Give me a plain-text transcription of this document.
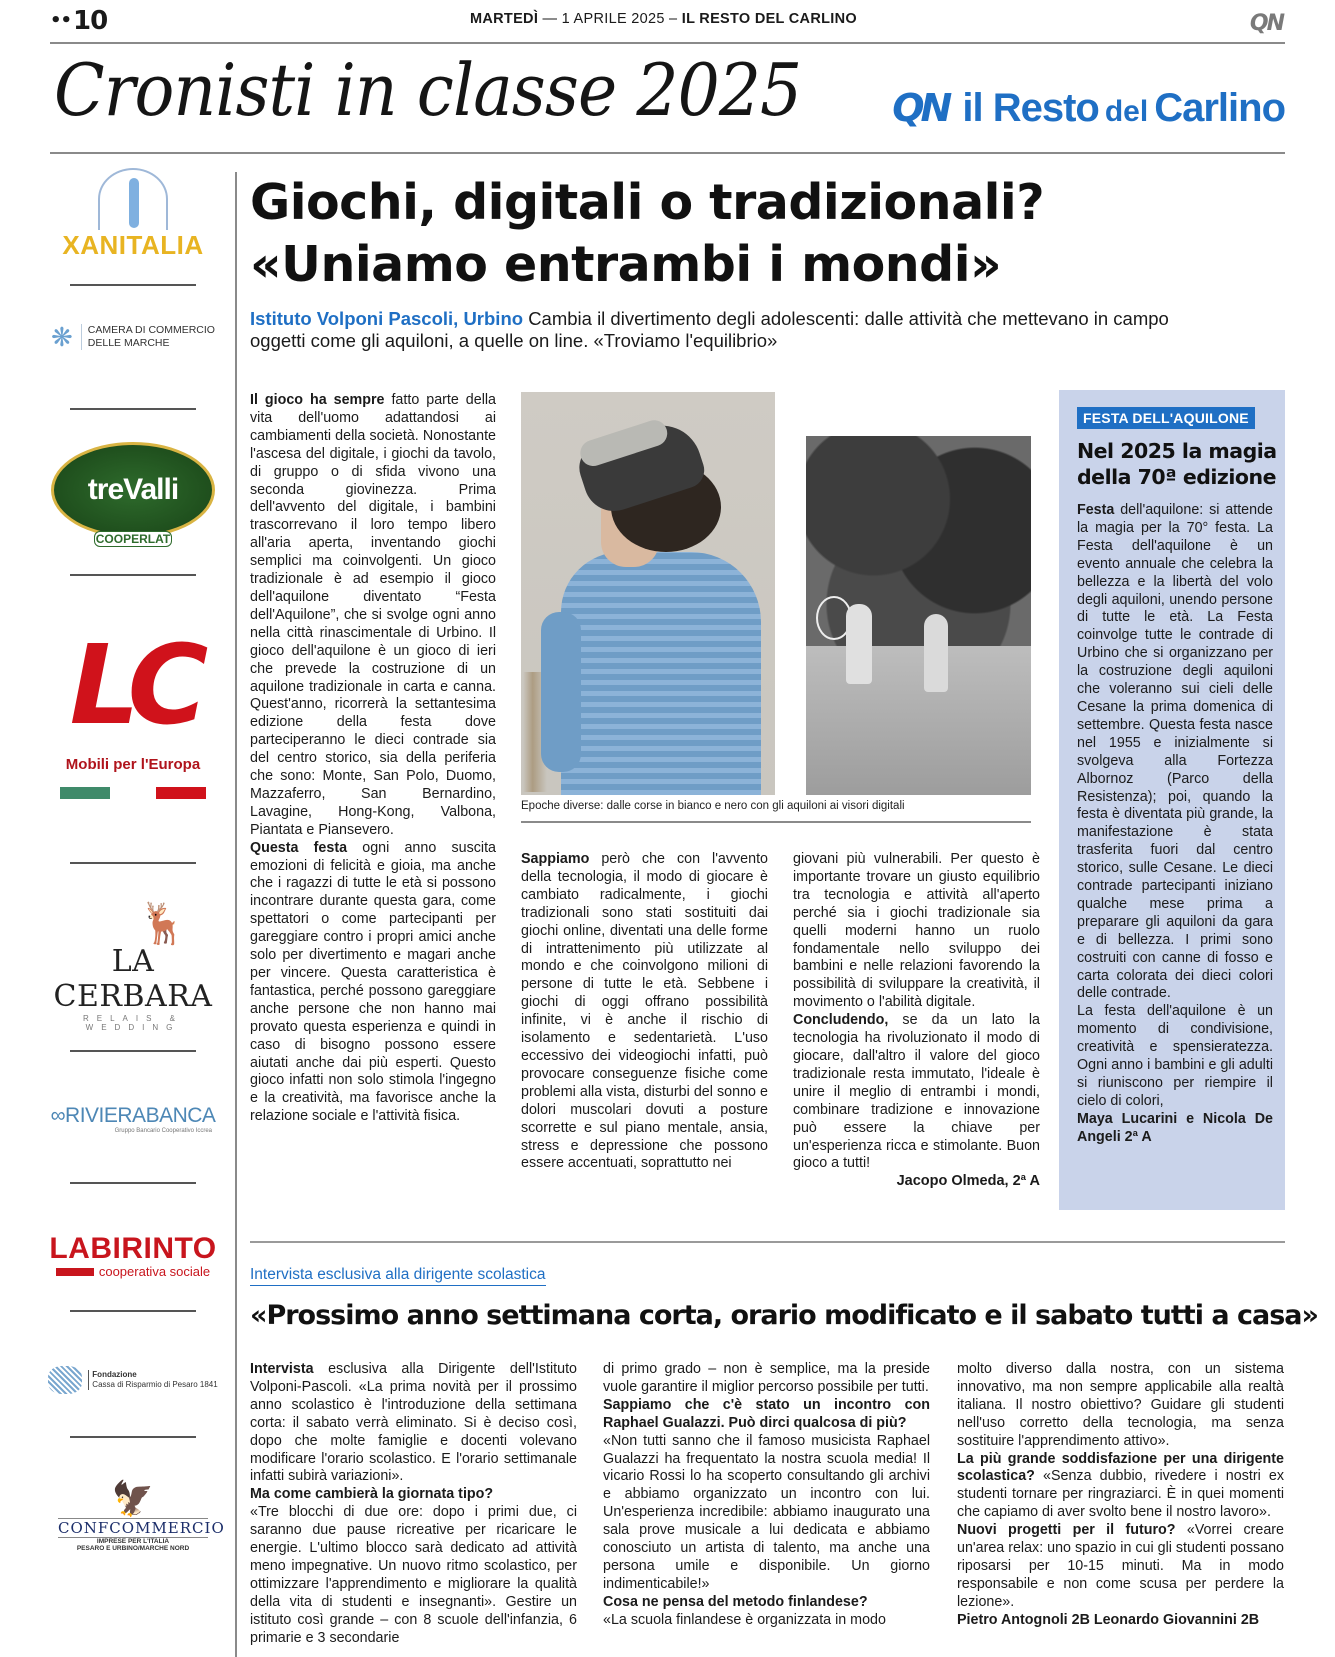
••10	MARTEDÌ — 1 APRILE 2025 – IL RESTO DEL CARLINO	QN
Cronisti in classe 2025 QN il Resto del Carlino
XANITALIA
❋ CAMERA DI COMMERCIO
DELLE MARCHE
treValli
COOPERLAT
LC
Mobili per l'Europa
🦌
LA CERBARA
RELAIS & WEDDING
∞RIVIERABANCA
Gruppo Bancario Cooperativo Iccrea
LABIRINTO
cooperativa sociale
Fondazione
Cassa di Risparmio di Pesaro 1841
🦅
CONFCOMMERCIO
IMPRESE PER L'ITALIA
PESARO E URBINO/MARCHE NORD
Giochi, digitali o tradizionali?
«Uniamo entrambi i mondi»
Istituto Volponi Pascoli, Urbino Cambia il divertimento degli adolescenti: dalle attività che mettevano in campo oggetti come gli aquiloni, a quelle on line. «Troviamo l'equilibrio»

Il gioco ha sempre fatto parte della vita dell'uomo adattandosi ai cambiamenti della società. Nonostante l'ascesa del digitale, i giochi da tavolo, di gruppo o di sfida vivono una seconda giovinezza. Prima dell'avvento del digitale, i bambini trascorrevano il loro tempo libero all'aria aperta, inventando giochi semplici ma coinvolgenti. Un gioco tradizionale è ad esempio il gioco dell'aquilone diventato “Festa dell'Aquilone”, che si svolge ogni anno nella città rinascimentale di Urbino. Il gioco dell'aquilone è un gioco di ieri che prevede la costruzione di un aquilone tradizionale in carta e canna. Quest'anno, ricorrerà la settantesima edizione della festa dove parteciperanno le dieci contrade sia del centro storico, sia della periferia che sono: Monte, San Polo, Duomo, Mazzaferro, San Bernardino, Lavagine, Hong-Kong, Valbona, Piantata e Piansevero.

Questa festa ogni anno suscita emozioni di felicità e gioia, ma anche che i ragazzi di tutte le età si possono incontrare durante questa gara, come spettatori o come partecipanti per gareggiare contro i propri amici anche solo per divertimento e magari anche per vincere. Questa caratteristica è fantastica, perché possono gareggiare anche persone che non hanno mai provato questa esperienza e quindi in caso di bisogno possono essere aiutati anche dai più esperti. Questo gioco infatti non solo stimola l'ingegno e la creatività, ma favorisce anche la relazione sociale e l'attività fisica.

Epoche diverse: dalle corse in bianco e nero con gli aquiloni ai visori digitali

Sappiamo però che con l'avvento della tecnologia, il modo di giocare è cambiato radicalmente, i giochi tradizionali sono stati sostituiti dai giochi online, diventati una delle forme di intrattenimento più utilizzate al mondo e che coinvolgono milioni di persone di tutte le età. Sebbene i giochi di oggi offrano possibilità infinite, vi è anche il rischio di isolamento e sedentarietà. L'uso eccessivo dei videogiochi infatti, può provocare conseguenze fisiche come problemi alla vista, disturbi del sonno e dolori muscolari dovuti a posture scorrette e sul piano mentale, ansia, stress e depressione che possono essere accentuati, soprattutto nei

giovani più vulnerabili. Per questo è importante trovare un giusto equilibrio tra tecnologia e attività all'aperto perché sia i giochi tradizionale sia quelli moderni hanno un ruolo fondamentale nello sviluppo dei bambini e nelle relazioni favorendo la possibilità di sviluppare la creatività, il movimento o l'abilità digitale.

Concludendo, se da un lato la tecnologia ha rivoluzionato il modo di giocare, dall'altro il valore del gioco tradizionale resta immutato, l'ideale è unire il meglio di entrambi i mondi, combinare tradizione e innovazione può essere la chiave per un'esperienza ricca e stimolante. Buon gioco a tutti!

Jacopo Olmeda, 2ª A

FESTA DELL'AQUILONE
Nel 2025 la magia della 70ª edizione

Festa dell'aquilone: si attende la magia per la 70° festa. La Festa dell'aquilone è un evento annuale che celebra la bellezza e la libertà del volo degli aquiloni, unendo persone di tutte le età. La Festa coinvolge tutte le contrade di Urbino che si organizzano per la costruzione degli aquiloni che voleranno sui cieli delle Cesane la prima domenica di settembre. Questa festa nasce nel 1955 e inizialmente si svolgeva alla Fortezza Albornoz (Parco della Resistenza); poi, quando la festa è diventata più grande, la manifestazione è stata trasferita fuori dal centro storico, sulle Cesane. Le dieci contrade partecipanti iniziano qualche mese prima a preparare gli aquiloni da gara e di bellezza. I primi sono costruiti con canne di fosso e carta colorata dei dieci colori delle contrade.

La festa dell'aquilone è un momento di condivisione, creatività e spensieratezza. Ogni anno i bambini e gli adulti si riuniscono per riempire il cielo di colori,

Maya Lucarini e Nicola De Angeli 2ª A

Intervista esclusiva alla dirigente scolastica
«Prossimo anno settimana corta, orario modificato e il sabato tutti a casa»

Intervista esclusiva alla Dirigente dell'Istituto Volponi-Pascoli. «La prima novità per il prossimo anno scolastico è l'introduzione della settimana corta: il sabato verrà eliminato. Si è deciso così, dopo che molte famiglie e docenti volevano modificare l'orario scolastico. E l'orario settimanale infatti subirà variazioni».

Ma come cambierà la giornata tipo?

«Tre blocchi di due ore: dopo i primi due, ci saranno due pause ricreative per ricaricare le energie. L'ultimo blocco sarà dedicato ad attività meno impegnative. Un nuovo ritmo scolastico, per ottimizzare l'apprendimento e migliorare la qualità della vita di studenti e insegnanti». Gestire un istituto così grande – con 8 scuole dell'infanzia, 6 primarie e 3 secondarie

di primo grado – non è semplice, ma la preside vuole garantire il miglior percorso possibile per tutti.

Sappiamo che c'è stato un incontro con Raphael Gualazzi. Può dirci qualcosa di più?

«Non tutti sanno che il famoso musicista Raphael Gualazzi ha frequentato la nostra scuola media! Il vicario Rossi lo ha scoperto consultando gli archivi e abbiamo organizzato un incontro con lui. Un'esperienza incredibile: abbiamo inaugurato una sala prove musicale a lui dedicata e abbiamo conosciuto un artista di talento, ma anche una persona umile e disponibile. Un giorno indimenticabile!»

Cosa ne pensa del metodo finlandese?

«La scuola finlandese è organizzata in modo

molto diverso dalla nostra, con un sistema innovativo, ma non sempre applicabile alla realtà italiana. Il nostro obiettivo? Guidare gli studenti nell'uso corretto della tecnologia, ma senza sostituire l'apprendimento attivo».

La più grande soddisfazione per una dirigente scolastica? «Senza dubbio, rivedere i nostri ex studenti tornare per ringraziarci. È in quei momenti che capiamo di aver svolto bene il nostro lavoro».

Nuovi progetti per il futuro? «Vorrei creare un'area relax: uno spazio in cui gli studenti possano riposarsi per 10-15 minuti. Ma in modo responsabile e non come scusa per perdere la lezione».

Pietro Antognoli 2B Leonardo Giovannini 2B
